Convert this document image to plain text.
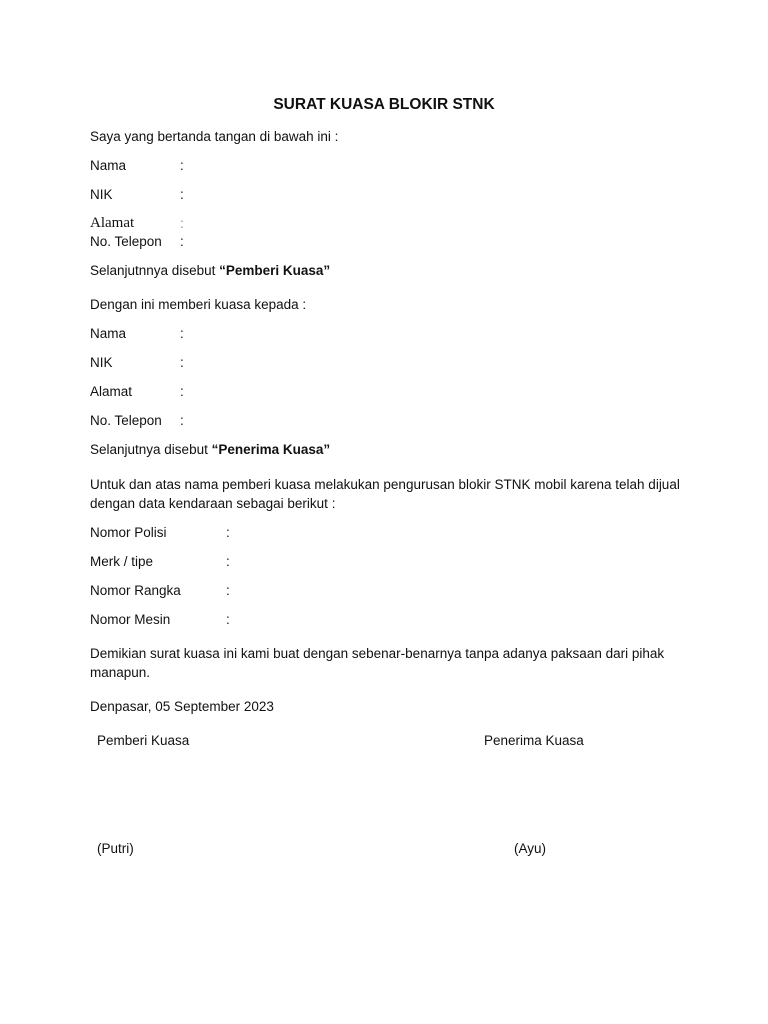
SURAT KUASA BLOKIR STNK
Saya yang bertanda tangan di bawah ini :
Nama	:
NIK	:
Alamat	:
No. Telepon :
Selanjutnnya disebut “Pemberi Kuasa”
Dengan ini memberi kuasa kepada :
Nama	:
NIK	:
Alamat	:
No. Telepon :
Selanjutnya disebut “Penerima Kuasa”
Untuk dan atas nama pemberi kuasa melakukan pengurusan blokir STNK mobil karena telah dijual
dengan data kendaraan sebagai berikut :
Nomor Polisi	:
Merk / tipe	:
Nomor Rangka	:
Nomor Mesin	:
Demikian surat kuasa ini kami buat dengan sebenar-benarnya tanpa adanya paksaan dari pihak
manapun.
Denpasar, 05 September 2023
Pemberi Kuasa	Penerima Kuasa
(Putri)	(Ayu)
